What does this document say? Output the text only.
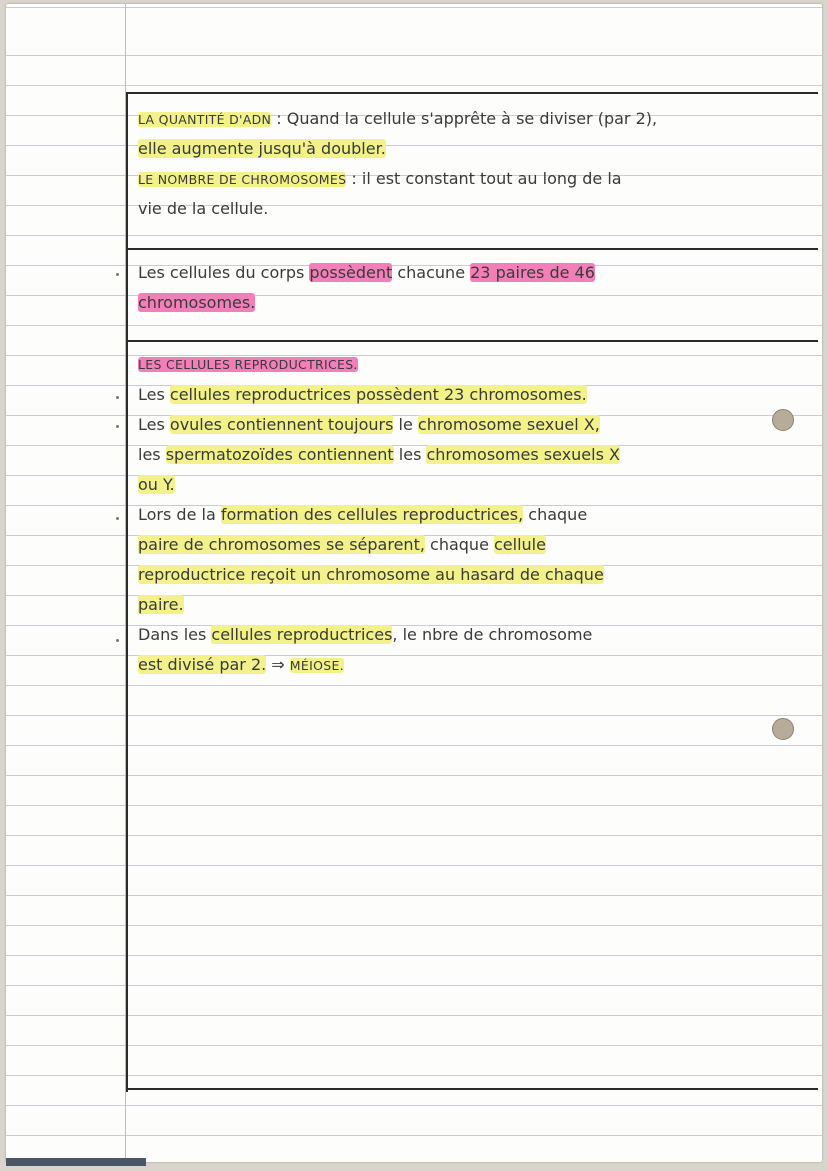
LA QUANTITÉ D'ADN : Quand la cellule s'apprête à se diviser (par 2),
elle augmente jusqu'à doubler.
LE NOMBRE DE CHROMOSOMES : il est constant tout au long de la
vie de la cellule.
Les cellules du corps possèdent chacune 23 paires de 46
chromosomes.
LES CELLULES REPRODUCTRICES.
Les cellules reproductrices possèdent 23 chromosomes.
Les ovules contiennent toujours le chromosome sexuel X,
les spermatozoïdes contiennent les chromosomes sexuels X
ou Y.
Lors de la formation des cellules reproductrices, chaque
paire de chromosomes se séparent, chaque cellule
reproductrice reçoit un chromosome au hasard de chaque
paire.
Dans les cellules reproductrices, le nbre de chromosome
est divisé par 2. ⇒ MÉIOSE.
